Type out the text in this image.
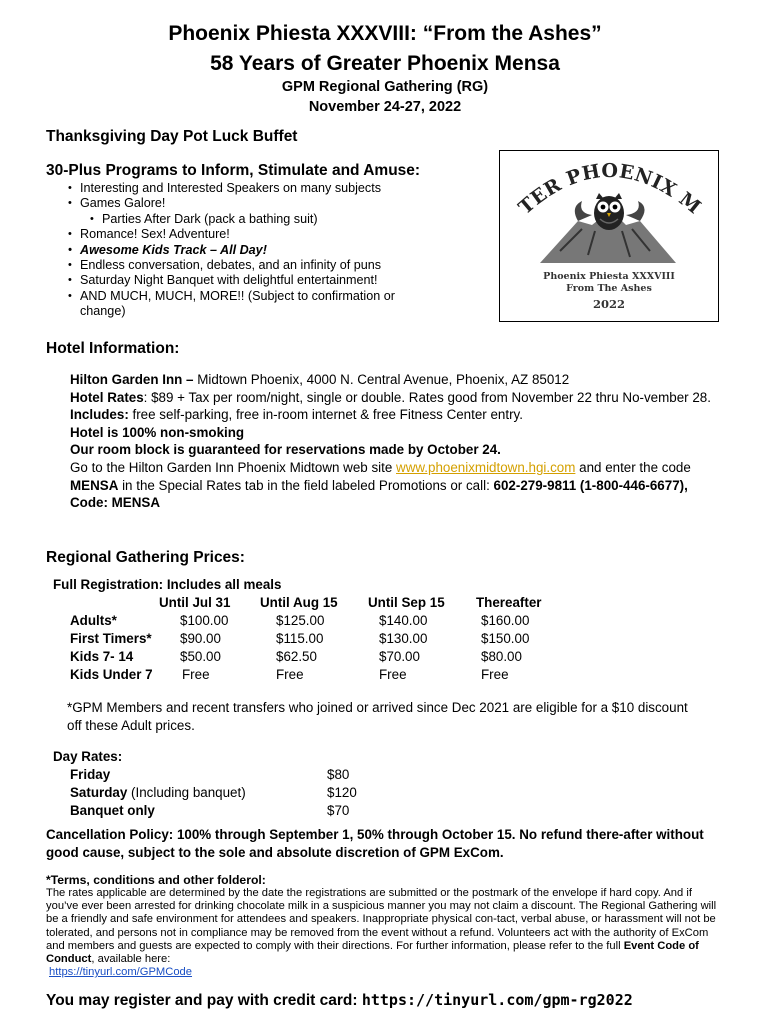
Phoenix Phiesta XXXVIII: “From the Ashes”
58 Years of Greater Phoenix Mensa
GPM Regional Gathering (RG)
November 24-27, 2022
Thanksgiving Day Pot Luck Buffet
30-Plus Programs to Inform, Stimulate and Amuse:
• Interesting and Interested Speakers on many subjects
• Games Galore!
• Parties After Dark (pack a bathing suit)
• Romance! Sex! Adventure!
• Awesome Kids Track – All Day!
• Endless conversation, debates, and an infinity of puns
• Saturday Night Banquet with delightful entertainment!
• AND MUCH, MUCH, MORE!! (Subject to confirmation or change)
TER PHOENIX M
Phoenix Phiesta XXXVIII
From The Ashes
2022
Hotel Information:
Hilton Garden Inn – Midtown Phoenix, 4000 N. Central Avenue, Phoenix, AZ 85012
Hotel Rates: $89 + Tax per room/night, single or double. Rates good from November 22 thru No-vember 28.
Includes: free self-parking, free in-room internet & free Fitness Center entry.
Hotel is 100% non-smoking
Our room block is guaranteed for reservations made by October 24.
Go to the Hilton Garden Inn Phoenix Midtown web site www.phoenixmidtown.hgi.com and enter the code MENSA in the Special Rates tab in the field labeled Promotions or call: 602-279-9811 (1-800-446-6677), Code: MENSA
Regional Gathering Prices:
Full Registration: Includes all meals
Until Jul 31 Until Aug 15 Until Sep 15 Thereafter
Adults*	$100.00	$125.00	$140.00	$160.00
First Timers* $90.00	$115.00	$130.00	$150.00
Kids 7- 14	$50.00	$62.50	$70.00	$80.00
Kids Under 7 Free	Free	Free	Free
*GPM Members and recent transfers who joined or arrived since Dec 2021 are eligible for a $10 discount off these Adult prices.
Day Rates:
Friday	$80
Saturday (Including banquet)	$120
Banquet only	$70
Cancellation Policy: 100% through September 1, 50% through October 15. No refund there-after without good cause, subject to the sole and absolute discretion of GPM ExCom.
*Terms, conditions and other folderol:
The rates applicable are determined by the date the registrations are submitted or the postmark of the envelope if hard copy. And if you’ve ever been arrested for drinking chocolate milk in a suspicious manner you may not claim a discount. The Regional Gathering will be a friendly and safe environment for attendees and speakers. Inappropriate physical con-tact, verbal abuse, or harassment will not be tolerated, and persons not in compliance may be removed from the event without a refund. Volunteers act with the authority of ExCom and members and guests are expected to comply with their directions. For further information, please refer to the full Event Code of Conduct, available here:
https://tinyurl.com/GPMCode
You may register and pay with credit card: https://tinyurl.com/gpm-rg2022
